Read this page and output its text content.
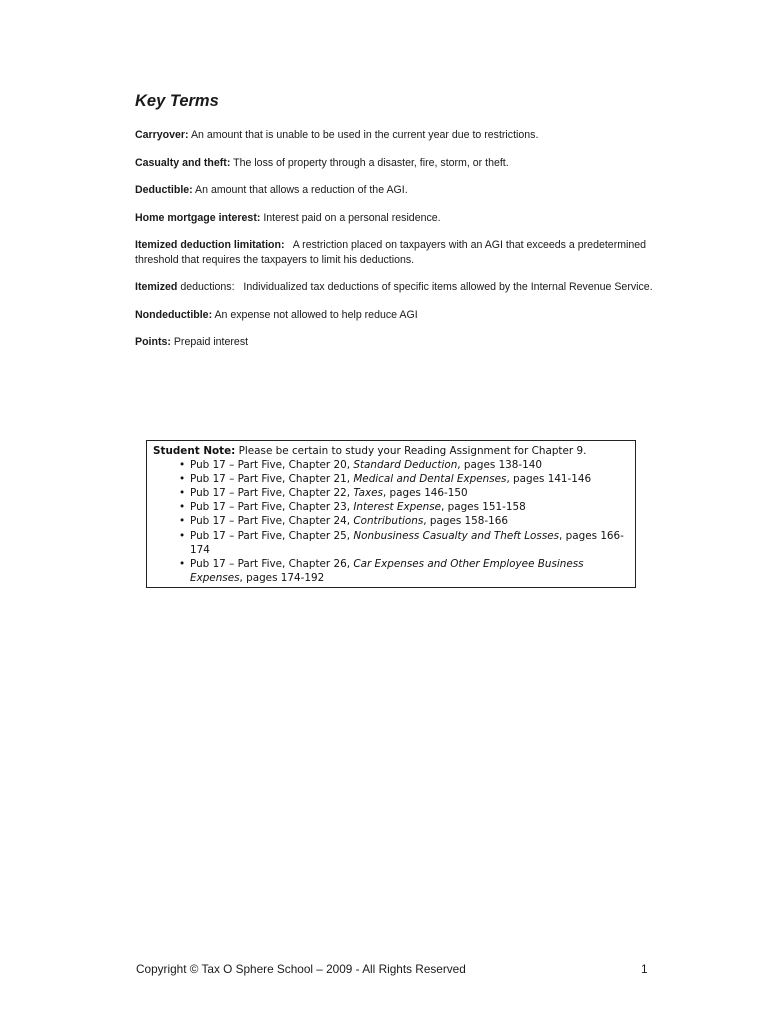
Key Terms

Carryover: An amount that is unable to be used in the current year due to restrictions.

Casualty and theft: The loss of property through a disaster, fire, storm, or theft.

Deductible: An amount that allows a reduction of the AGI.

Home mortgage interest: Interest paid on a personal residence.

Itemized deduction limitation: A restriction placed on taxpayers with an AGI that exceeds a predetermined threshold that requires the taxpayers to limit his deductions.

Itemized deductions: Individualized tax deductions of specific items allowed by the Internal Revenue Service.

Nondeductible: An expense not allowed to help reduce AGI

Points: Prepaid interest

Student Note: Please be certain to study your Reading Assignment for Chapter 9.
• Pub 17 – Part Five, Chapter 20, Standard Deduction, pages 138-140
• Pub 17 – Part Five, Chapter 21, Medical and Dental Expenses, pages 141-146
• Pub 17 – Part Five, Chapter 22, Taxes, pages 146-150
• Pub 17 – Part Five, Chapter 23, Interest Expense, pages 151-158
• Pub 17 – Part Five, Chapter 24, Contributions, pages 158-166
• Pub 17 – Part Five, Chapter 25, Nonbusiness Casualty and Theft Losses, pages 166-174
• Pub 17 – Part Five, Chapter 26, Car Expenses and Other Employee Business Expenses, pages 174-192
Copyright © Tax O Sphere School – 2009 - All Rights Reserved	1
